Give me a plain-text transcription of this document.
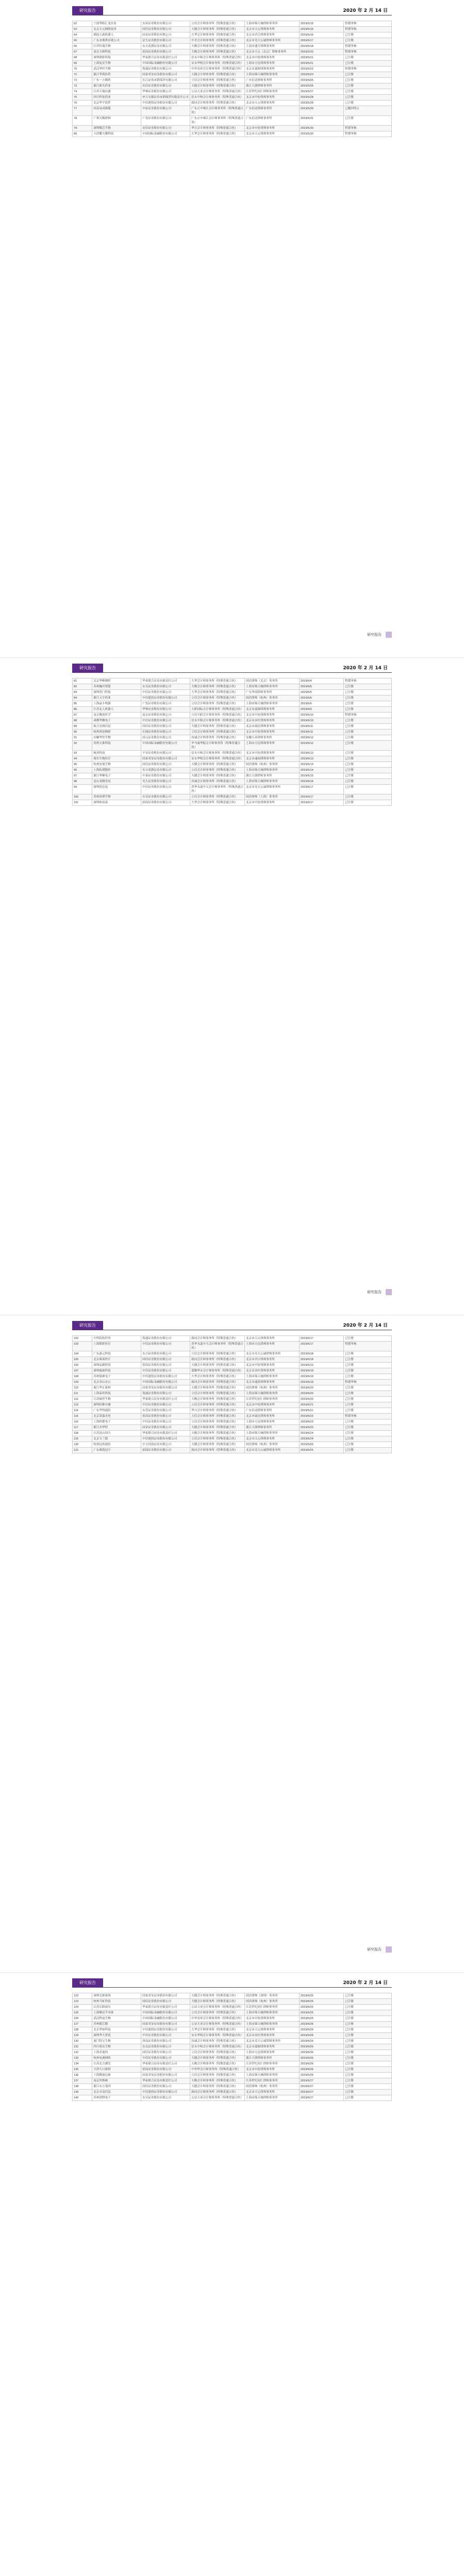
研究报告	2020 年 2 月 14 日
62	宁波华阳汇龙实业	东风证券股份有限公司	立信会计师事务所（特殊普通合伙）	上海市锦天城律师事务所	2019/5/15	暂缓审核
63	北京天元网络技术	国信证券股份有限公司	天健会计师事务所（特殊普通合伙）	北京市天元律师事务所	2019/5/15	暂缓审核
64	湖南大族机器人	国金证券股份有限公司	大华会计师事务所（特殊普通合伙）	北京市君合律师事务所	2019/5/16	已注册
65	广东金奥供应链公司	民生证券股份有限公司	中喜会计师事务所（特殊普通合伙）	北京市竞天公诚律师事务所	2019/5/17	已注册
66	江苏恒瑞生物	东方花旗证券有限公司	天衡会计师事务所（特殊普通合伙）	上海市通力律师事务所	2019/5/18	暂缓审核
67	南京天纵科技	招商证券股份有限公司	天衡会计师事务所（特殊普通合伙）	北京市天元（北京）律师事务所	2019/5/20	暂缓审核
68	深圳联影科技	华泰联合证券有限责任公司	信永中和会计师事务所（特殊普通合伙）	北京市中伦律师事务所	2019/5/21	已注册
69	上海复星生物	中国国际金融股份有限公司	安永华明会计师事务所（特殊普通合伙）	上海市方达律师事务所	2019/5/21	已注册
70	武汉华医生物	海通证券股份有限公司	中审众环会计师事务所（特殊普通合伙）	北京市嘉源律师事务所	2019/5/22	暂缓审核
71	浙江华海医药	国泰君安证券股份有限公司	天健会计师事务所（特殊普通合伙）	上海市锦天城律师事务所	2019/5/23	已注册
72	广东一方制药	长江证券承销保荐有限公司	立信会计师事务所（特殊普通合伙）	广东信达律师事务所	2019/5/25	已注册
73	浙江新光药业	安信证券股份有限公司	天健会计师事务所（特殊普通合伙）	浙江天册律师事务所	2019/5/26	已注册
74	江苏天瑞仪器	华林证券股份有限公司	公证天业会计师事务所（特殊普通合伙）	江苏世纪同仁律师事务所	2019/5/27	已注册
75	四川科伦药业	申万宏源证券承销保荐有限责任公司	信永中和会计师事务所（特殊普通合伙）	北京市中伦律师事务所	2019/5/28	已注册
76	北京华宇软件	中信建投证券股份有限公司	致同会计师事务所（特殊普通合伙）	北京市天元律师事务所	2019/5/28	已注册
77	河南易成新能	中原证券股份有限公司	广东正中珠江会计师事务所（特殊普通合伙）	广东信达律师事务所	2019/5/29	已撤回终止
78	广州天赐材料	广发证券股份有限公司	广东正中珠江会计师事务所（特殊普通合伙）	广东信达律师事务所	2019/5/31	已注册
79	深圳微芯生物	安信证券股份有限公司	华兴会计师事务所（特殊普通合伙）	北京市中伦律师事务所	2019/5/30	暂缓审核
80	天津膜天膜科技	中国国际金融股份有限公司	大华会计师事务所（特殊普通合伙）	北京市天元律师事务所	2019/5/30	暂缓审核
研究报告
研究报告	2020 年 2 月 14 日
81	北京华峰测控	华泰联合证券有限责任公司	大华会计师事务所（特殊普通合伙）	国浩律师（北京）事务所	2019/6/4	暂缓审核
82	苏州瀚川智能	东吴证券股份有限公司	天衡会计师事务所（特殊普通合伙）	上海市锦天城律师事务所	2019/6/5	已注册
83	深圳普门科技	中信证券股份有限公司	大华会计师事务所（特殊普通合伙）	广东华商律师事务所	2019/6/5	已注册
84	浙江天宇药业	中信建投证券股份有限公司	立信会计师事务所（特殊普通合伙）	国浩律师（杭州）事务所	2019/6/6	已注册
85	上海晶丰明源	广发证券股份有限公司	立信会计师事务所（特殊普通合伙）	上海市锦天城律师事务所	2019/6/6	已注册
86	江苏北人机器人	华林证券股份有限公司	天职国际会计师事务所（特殊普通合伙）	北京市嘉源律师事务所	2019/6/6	已注册
87	南京微创医学	南京证券股份有限公司	立信中联会计师事务所（特殊普通合伙）	北京市中伦律师事务所	2019/6/10	暂缓审核
88	成都华微电子	中信证券股份有限公司	信永中和会计师事务所（特殊普通合伙）	北京市金杜律师事务所	2019/6/10	已注册
89	航天宏图信息	国信证券股份有限公司	天健会计师事务所（特殊普通合伙）	北京市康达律师事务所	2019/6/11	已注册
90	杭州鸿泉物联	长城证券股份有限公司	立信会计师事务所（特殊普通合伙）	北京市中伦律师事务所	2019/6/11	已注册
91	安徽华恒生物	国元证券股份有限公司	容诚会计师事务所（特殊普通合伙）	安徽天禾律师事务所	2019/6/12	已注册
92	苏州天准科技	中国国际金融股份有限公司	毕马威华振会计师事务所（特殊普通合伙）	上海市方达律师事务所	2019/6/12	已注册
93	航亚科技	平安证券股份有限公司	信永中和会计师事务所（特殊普通合伙）	北京市中伦律师事务所	2019/6/13	已注册
94	海尔生物医疗	国泰君安证券股份有限公司	安永华明会计师事务所（特殊普通合伙）	北京市通商律师事务所	2019/6/13	已注册
95	杭州安旭生物	国信证券股份有限公司	天健会计师事务所（特殊普通合伙）	国浩律师（杭州）事务所	2019/6/14	已注册
96	上海拓璞数控	东方花旗证券有限公司	立信会计师事务所（特殊普通合伙）	上海市锦天城律师事务所	2019/6/14	已注册
97	浙江华顺电子	中泰证券股份有限公司	天健会计师事务所（特殊普通合伙）	浙江天册律师事务所	2019/6/15	已注册
98	昆山龙腾光电	光大证券股份有限公司	容诚会计师事务所（特殊普通合伙）	上海市锦天城律师事务所	2019/6/16	已注册
99	深圳优必选	中信证券股份有限公司	普华永道中天会计师事务所（特殊普通合伙）	北京市竞天公诚律师事务所	2019/6/17	已注册
100	苏州泽璟生物	东吴证券股份有限公司	立信会计师事务所（特殊普通合伙）	国浩律师（上海）事务所	2019/6/17	已注册
101	深圳和而泰	招商证券股份有限公司	大华会计师事务所（特殊普通合伙）	北京市中伦律师事务所	2019/6/17	已注册
研究报告
研究报告	2020 年 2 月 14 日
102	中科院软件所	海通证券股份有限公司	致同会计师事务所（特殊普通合伙）	北京市天元律师事务所	2019/6/17	已注册
103	上海联影医疗	中信证券股份有限公司	普华永道中天会计师事务所（特殊普通合伙）	上海市方达律师事务所	2019/6/17	暂缓审核
104	广东嘉元科技	东兴证券股份有限公司	立信会计师事务所（特殊普通合伙）	北京市竞天公诚律师事务所	2019/6/18	已注册
105	北京赛诺医疗	国信证券股份有限公司	致同会计师事务所（特殊普通合伙）	北京市君合律师事务所	2019/6/18	已注册
106	深圳晶源科技	招商证券股份有限公司	天健会计师事务所（特殊普通合伙）	北京市中伦律师事务所	2019/6/19	已注册
107	深圳瑞波科技	中信证券股份有限公司	德勤华永会计师事务所（特殊普通合伙）	北京市金杜律师事务所	2019/6/19	已注册
108	苏州德赛电子	中信建投证券股份有限公司	大华会计师事务所（特殊普通合伙）	上海市锦天城律师事务所	2019/6/19	已注册
109	北京金山办公	中国国际金融股份有限公司	致同会计师事务所（特殊普通合伙）	北京市通商律师事务所	2019/6/19	暂缓审核
110	浙江华正新材	国泰君安证券股份有限公司	天健会计师事务所（特殊普通合伙）	国浩律师（杭州）事务所	2019/6/20	已注册
111	上海泰坦科技	海通证券股份有限公司	立信会计师事务所（特殊普通合伙）	上海市锦天城律师事务所	2019/6/20	已注册
112	江苏硕世生物	华泰联合证券有限责任公司	天衡会计师事务所（特殊普通合伙）	江苏世纪同仁律师事务所	2019/6/20	已注册
113	深圳佰维存储	中信证券股份有限公司	立信会计师事务所（特殊普通合伙）	北京市中伦律师事务所	2019/6/21	已注册
114	广东华智通信	东莞证券股份有限公司	华兴会计师事务所（特殊普通合伙）	广东信达律师事务所	2019/6/21	已注册
115	北京清溢光电	招商证券股份有限公司	大信会计师事务所（特殊普通合伙）	北京市康达律师事务所	2019/6/22	暂缓审核
116	上海柏楚电子	中信证券股份有限公司	立信会计师事务所（特殊普通合伙）	上海市方达律师事务所	2019/6/23	已注册
117	浙江杰华特	国金证券股份有限公司	天健会计师事务所（特殊普通合伙）	浙江天册律师事务所	2019/6/23	已注册
118	江苏昆山国力	华泰联合证券有限责任公司	天衡会计师事务所（特殊普通合伙）	上海市锦天城律师事务所	2019/6/24	已注册
119	北京宝兰德	中信建投证券股份有限公司	立信会计师事务所（特殊普通合伙）	北京市天元律师事务所	2019/6/24	已注册
120	杭州远传通信	中天国富证券有限公司	天健会计师事务所（特殊普通合伙）	国浩律师（杭州）事务所	2019/6/25	已注册
121	广东珠海冠宇	招商证券股份有限公司	致同会计师事务所（特殊普通合伙）	北京市竞天公诚律师事务所	2019/6/25	已注册
研究报告
研究报告	2020 年 2 月 14 日
122	深圳芯源系统	国泰君安证券股份有限公司	天健会计师事务所（特殊普通合伙）	国浩律师（深圳）事务所	2019/6/25	已注册
123	杭州当虹科技	国信证券股份有限公司	天健会计师事务所（特殊普通合伙）	国浩律师（杭州）事务所	2019/6/25	已注册
124	江苏长龄液压	华泰联合证券有限责任公司	公证天业会计师事务所（特殊普通合伙）	江苏世纪同仁律师事务所	2019/6/25	已注册
125	上海聚辰半导体	中国国际金融股份有限公司	立信会计师事务所（特殊普通合伙）	上海市锦天城律师事务所	2019/6/25	已注册
126	武汉科前生物	中国国际金融股份有限公司	中审众环会计师事务所（特殊普通合伙）	北京市中伦律师事务所	2019/6/25	已注册
127	苏州敏芯微	国泰君安证券股份有限公司	公证天业会计师事务所（特殊普通合伙）	上海市锦天城律师事务所	2019/6/26	已注册
128	北京华如科技	中信建投证券股份有限公司	大华会计师事务所（特殊普通合伙）	北京市天元律师事务所	2019/6/26	已注册
129	深圳华大智造	中信证券股份有限公司	安永华明会计师事务所（特殊普通合伙）	北京市金杜律师事务所	2019/6/26	已注册
130	厦门特宝生物	西南证券股份有限公司	容诚会计师事务所（特殊普通合伙）	北京市竞天公诚律师事务所	2019/6/26	已注册
131	四川苑东生物	东北证券股份有限公司	信永中和会计师事务所（特殊普通合伙）	北京市嘉源律师事务所	2019/6/26	已注册
132	上海美迪西	国信证券股份有限公司	立信会计师事务所（特殊普通合伙）	上海市方达律师事务所	2019/6/26	已注册
133	杭州电魂网络	中信证券股份有限公司	天健会计师事务所（特殊普通合伙）	浙江天册律师事务所	2019/6/26	已注册
134	江苏北方湖光	华泰联合证券有限责任公司	天衡会计师事务所（特殊普通合伙）	江苏世纪同仁律师事务所	2019/6/26	已注册
135	天津久日新材	招商证券股份有限公司	中审华会计师事务所（特殊普通合伙）	北京市中伦律师事务所	2019/6/26	已注册
136	上海微创心脉	国泰君安证券股份有限公司	立信会计师事务所（特殊普通合伙）	上海市锦天城律师事务所	2019/6/26	已注册
137	南京埃斯顿	华泰联合证券有限责任公司	天衡会计师事务所（特殊普通合伙）	江苏世纪同仁律师事务所	2019/6/27	已注册
138	浙江东方基因	国信证券股份有限公司	天健会计师事务所（特殊普通合伙）	国浩律师（杭州）事务所	2019/6/27	已注册
139	北京卓易信息	中信建投证券股份有限公司	致同会计师事务所（特殊普通合伙）	北京市天元律师事务所	2019/6/27	已注册
140	苏州固锝电子	东吴证券股份有限公司	公证天业会计师事务所（特殊普通合伙）	上海市锦天城律师事务所	2019/6/27	已注册
